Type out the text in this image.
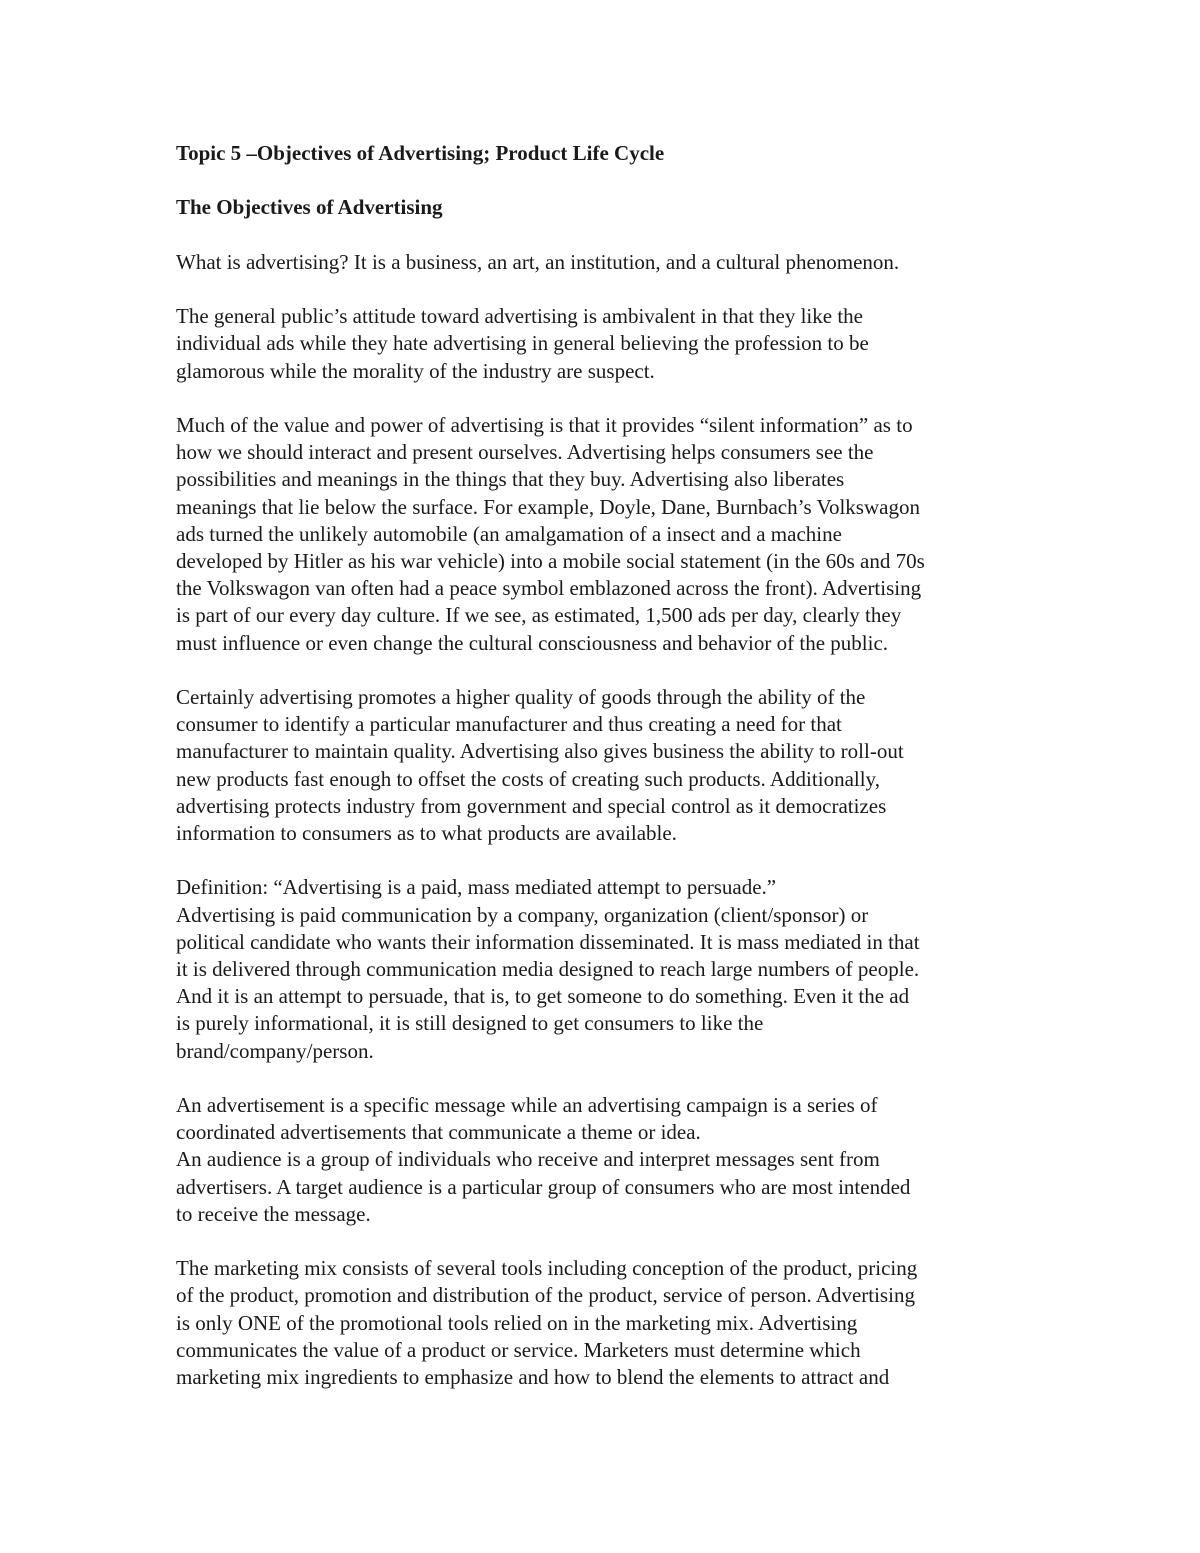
Topic 5 –Objectives of Advertising; Product Life Cycle

The Objectives of Advertising

What is advertising? It is a business, an art, an institution, and a cultural phenomenon.

The general public’s attitude toward advertising is ambivalent in that they like the
individual ads while they hate advertising in general believing the profession to be
glamorous while the morality of the industry are suspect.

Much of the value and power of advertising is that it provides “silent information” as to
how we should interact and present ourselves. Advertising helps consumers see the
possibilities and meanings in the things that they buy. Advertising also liberates
meanings that lie below the surface. For example, Doyle, Dane, Burnbach’s Volkswagon
ads turned the unlikely automobile (an amalgamation of a insect and a machine
developed by Hitler as his war vehicle) into a mobile social statement (in the 60s and 70s
the Volkswagon van often had a peace symbol emblazoned across the front). Advertising
is part of our every day culture. If we see, as estimated, 1,500 ads per day, clearly they
must influence or even change the cultural consciousness and behavior of the public.

Certainly advertising promotes a higher quality of goods through the ability of the
consumer to identify a particular manufacturer and thus creating a need for that
manufacturer to maintain quality. Advertising also gives business the ability to roll-out
new products fast enough to offset the costs of creating such products. Additionally,
advertising protects industry from government and special control as it democratizes
information to consumers as to what products are available.

Definition: “Advertising is a paid, mass mediated attempt to persuade.”
Advertising is paid communication by a company, organization (client/sponsor) or
political candidate who wants their information disseminated. It is mass mediated in that
it is delivered through communication media designed to reach large numbers of people.
And it is an attempt to persuade, that is, to get someone to do something. Even it the ad
is purely informational, it is still designed to get consumers to like the
brand/company/person.

An advertisement is a specific message while an advertising campaign is a series of
coordinated advertisements that communicate a theme or idea.
An audience is a group of individuals who receive and interpret messages sent from
advertisers. A target audience is a particular group of consumers who are most intended
to receive the message.

The marketing mix consists of several tools including conception of the product, pricing
of the product, promotion and distribution of the product, service of person. Advertising
is only ONE of the promotional tools relied on in the marketing mix. Advertising
communicates the value of a product or service. Marketers must determine which
marketing mix ingredients to emphasize and how to blend the elements to attract and
